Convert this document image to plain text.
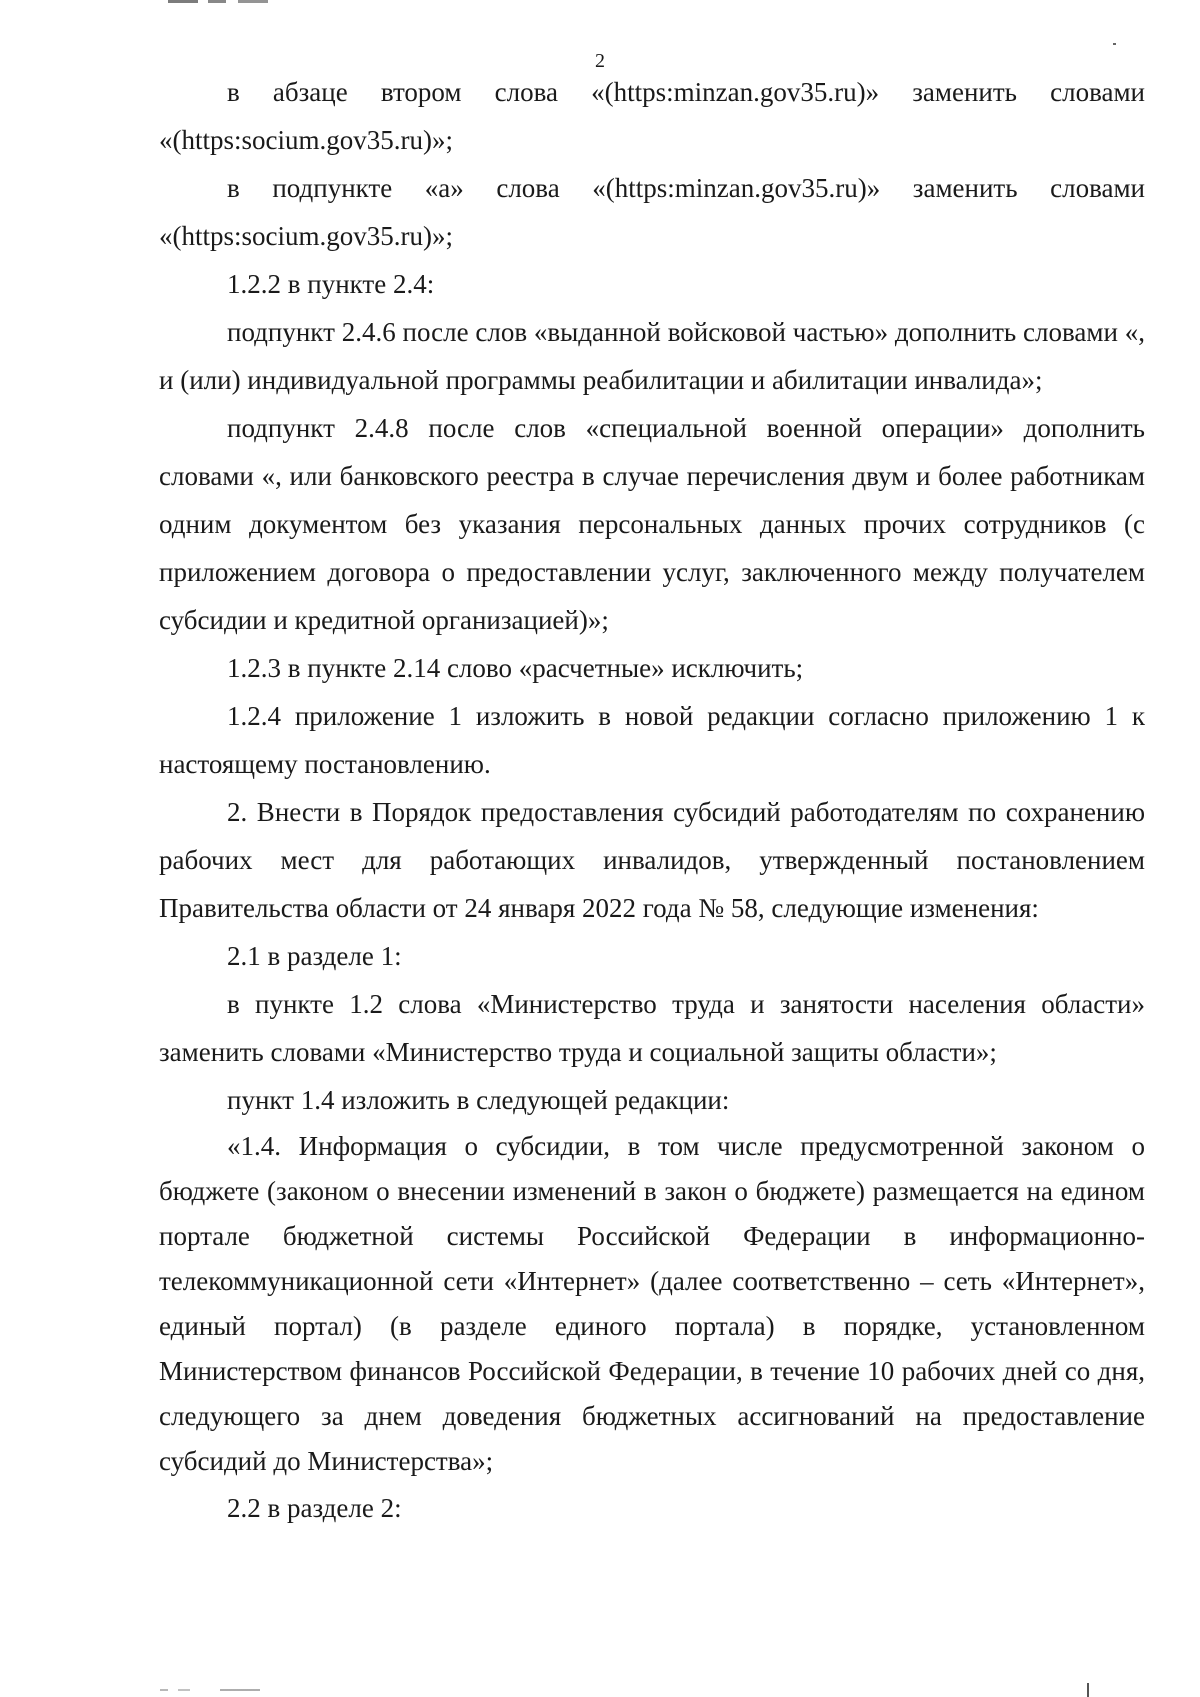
2

в абзаце втором слова «(https:minzan.gov35.ru)» заменить словами «(https:socium.gov35.ru)»;

в подпункте «а» слова «(https:minzan.gov35.ru)» заменить словами «(https:socium.gov35.ru)»;

1.2.2 в пункте 2.4:

подпункт 2.4.6 после слов «выданной войсковой частью» дополнить словами «, и (или) индивидуальной программы реабилитации и абилитации инвалида»;

подпункт 2.4.8 после слов «специальной военной операции» дополнить словами «, или банковского реестра в случае перечисления двум и более работникам одним документом без указания персональных данных прочих сотрудников (с приложением договора о предоставлении услуг, заключенного между получателем субсидии и кредитной организацией)»;

1.2.3 в пункте 2.14 слово «расчетные» исключить;

1.2.4 приложение 1 изложить в новой редакции согласно приложению 1 к настоящему постановлению.

2. Внести в Порядок предоставления субсидий работодателям по сохранению рабочих мест для работающих инвалидов, утвержденный постановлением Правительства области от 24 января 2022 года № 58, следующие изменения:

2.1 в разделе 1:

в пункте 1.2 слова «Министерство труда и занятости населения области» заменить словами «Министерство труда и социальной защиты области»;

пункт 1.4 изложить в следующей редакции:

«1.4. Информация о субсидии, в том числе предусмотренной законом о бюджете (законом о внесении изменений в закон о бюджете) размещается на едином портале бюджетной системы Российской Федерации в информационно-телекоммуникационной сети «Интернет» (далее соответственно – сеть «Интернет», единый портал) (в разделе единого портала) в порядке, установленном Министерством финансов Российской Федерации, в течение 10 рабочих дней со дня, следующего за днем доведения бюджетных ассигнований на предоставление субсидий до Министерства»;

2.2 в разделе 2:
